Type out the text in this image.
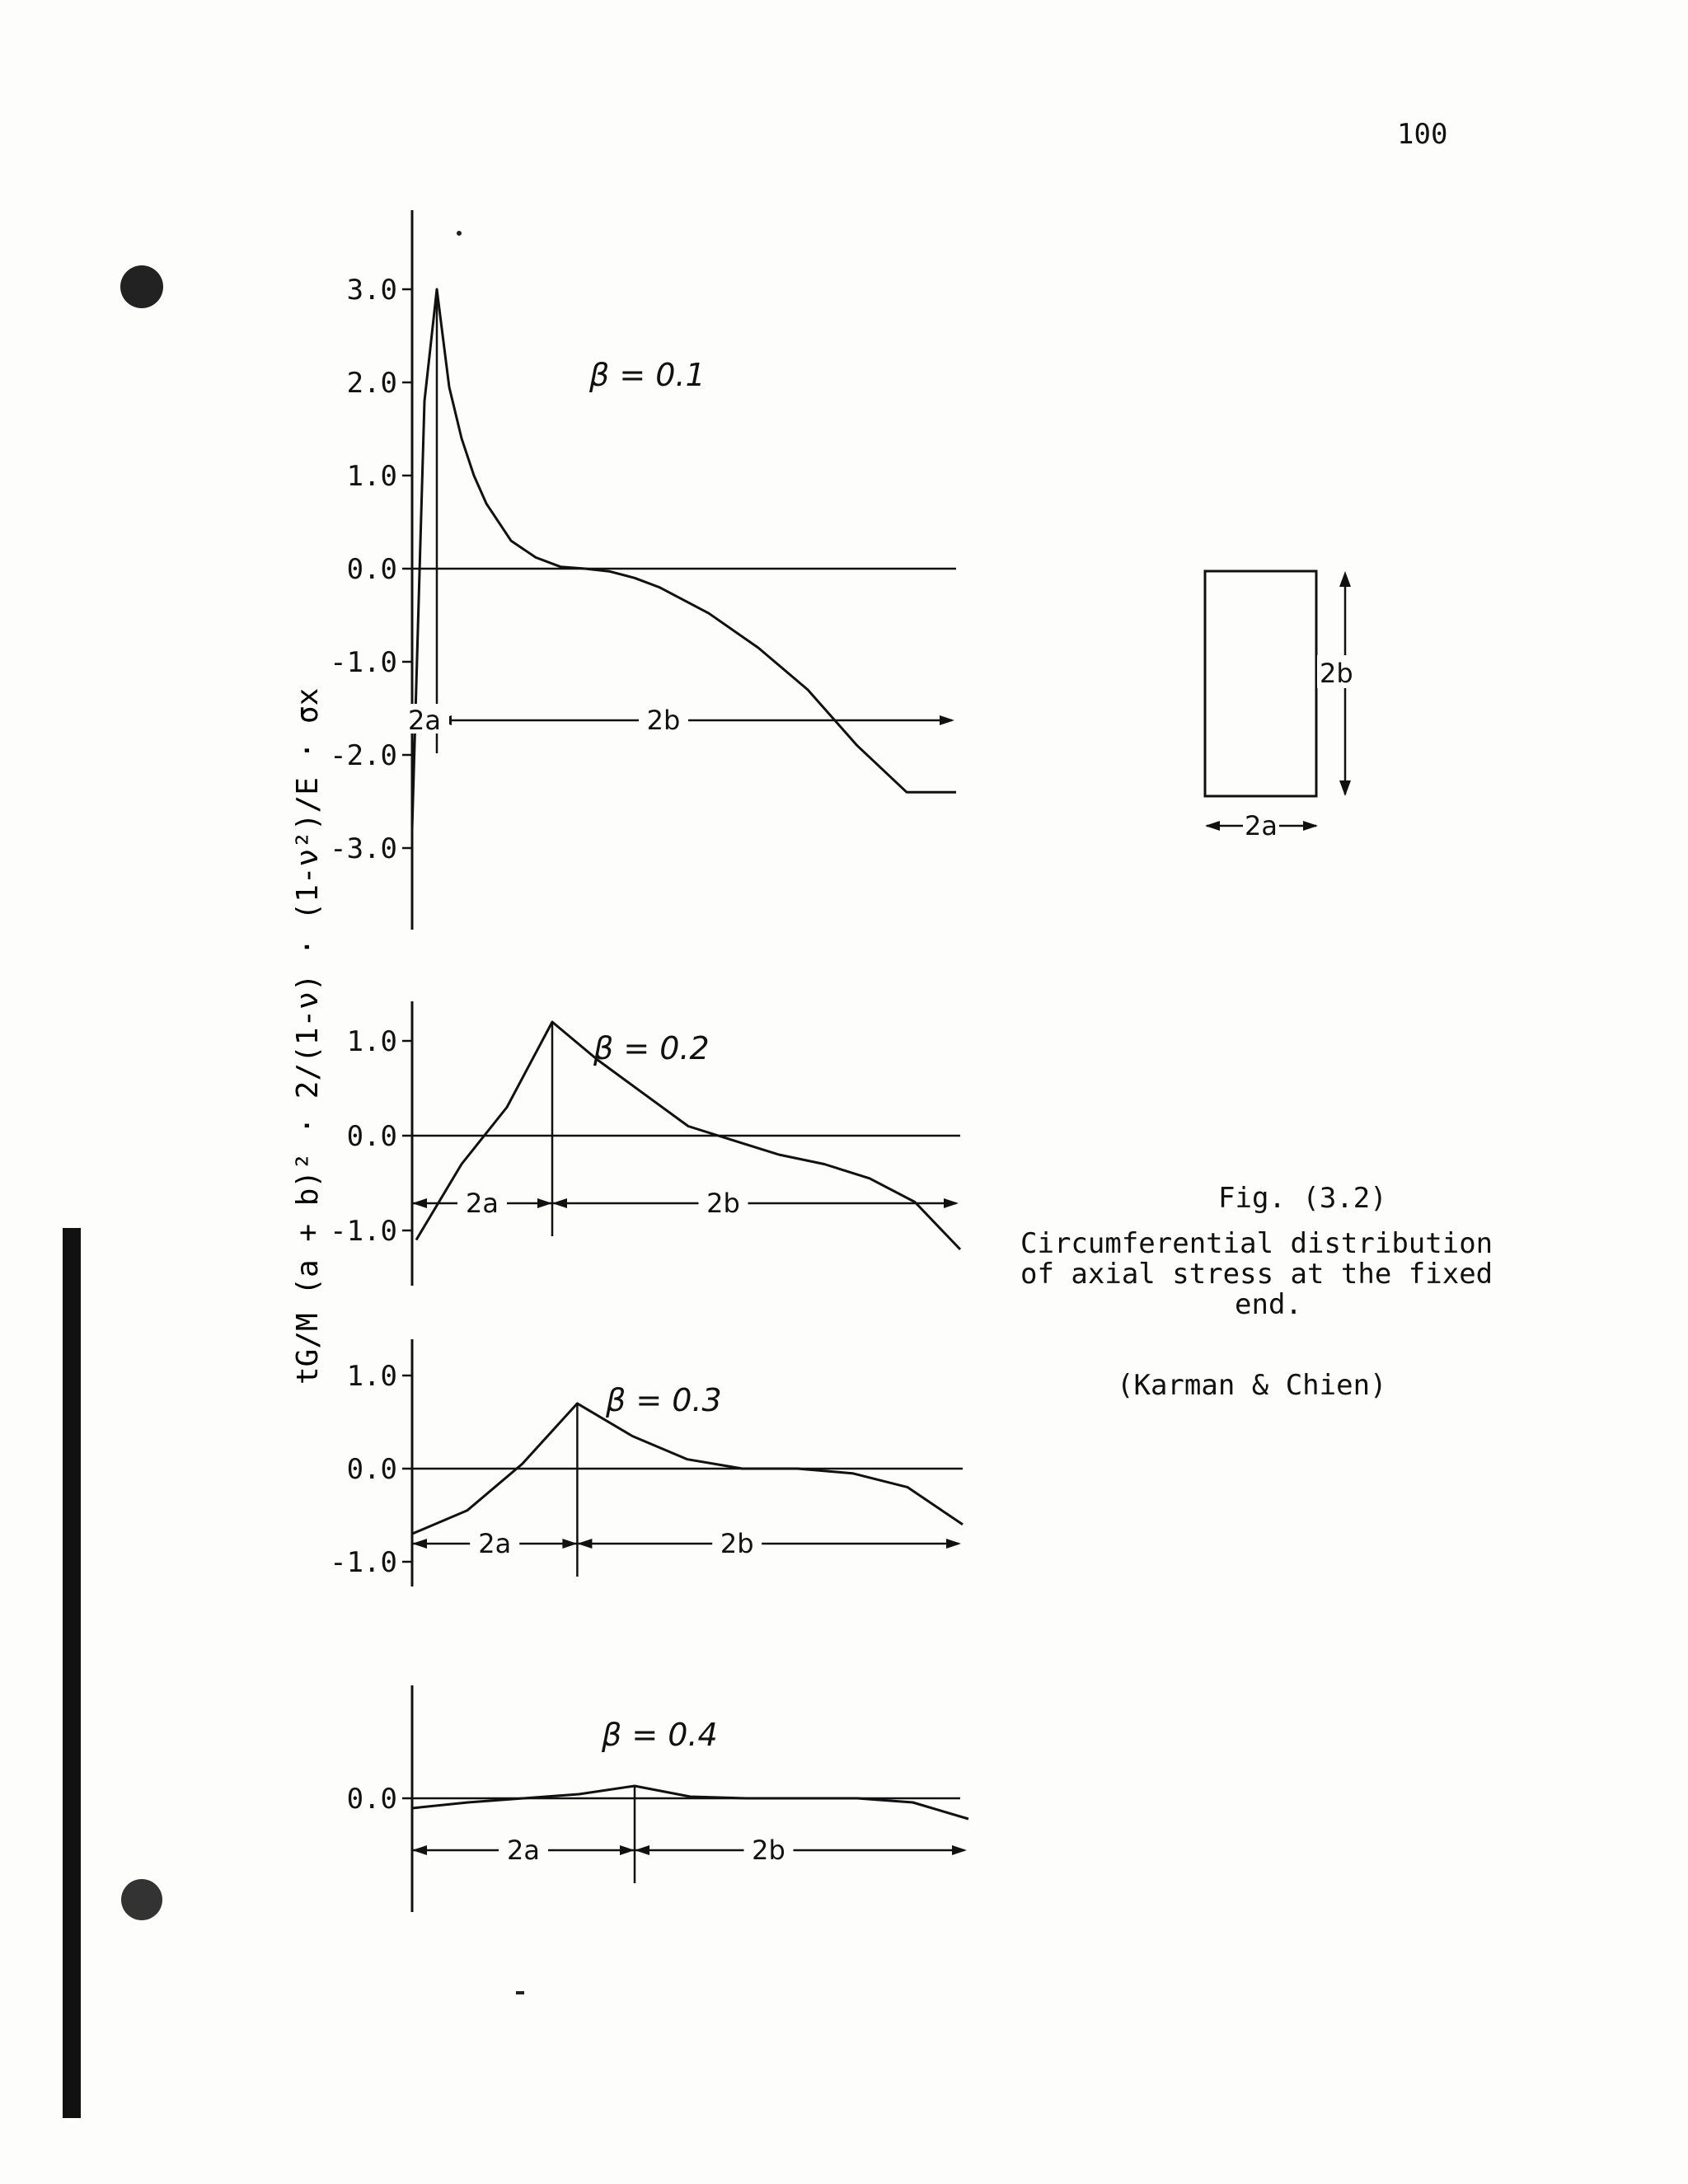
100
tG/M (a + b)² · 2/(1-ν) · (1-ν²)/E · σx
3.0
2.0
1.0
0.0
-1.0
-2.0
-3.0
2a	2b
β = 0.1
1.0
0.0
-1.0
2a	2b
β = 0.2
1.0
0.0
-1.0
2a	2b
β = 0.3
0.0
2a	2b
β = 0.4
2b
2a
Fig. (3.2)
Circumferential distribution
of axial stress at the fixed
end.
(Karman & Chien)
